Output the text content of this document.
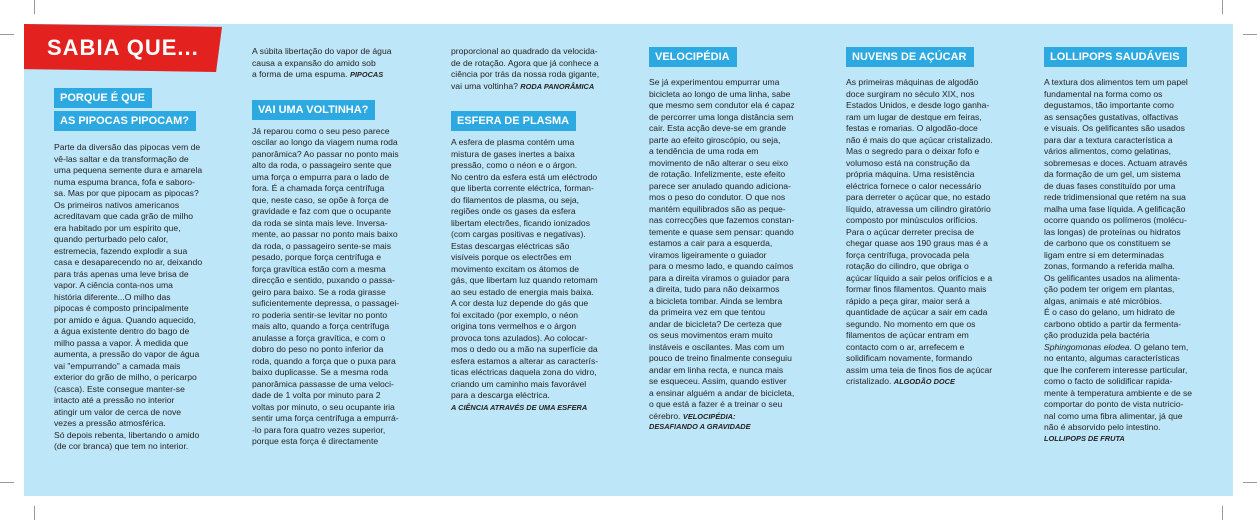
SABIA QUE...
PORQUE É QUE
AS PIPOCAS PIPOCAM?
Parte da diversão das pipocas vem de
vê-las saltar e da transformação de
uma pequena semente dura e amarela
numa espuma branca, fofa e saboro-
sa. Mas por que pipocam as pipocas?
Os primeiros nativos americanos
acreditavam que cada grão de milho
era habitado por um espírito que,
quando perturbado pelo calor,
estremecia, fazendo explodir a sua
casa e desaparecendo no ar, deixando
para trás apenas uma leve brisa de
vapor. A ciência conta-nos uma
história diferente...O milho das
pipocas é composto principalmente
por amido e água. Quando aquecido,
a água existente dentro do bago de
milho passa a vapor. À medida que
aumenta, a pressão do vapor de água
vai "empurrando" a camada mais
exterior do grão de milho, o pericarpo
(casca). Este consegue manter-se
intacto até a pressão no interior
atingir um valor de cerca de nove
vezes a pressão atmosférica.
Só depois rebenta, libertando o amido
(de cor branca) que tem no interior.
A súbita libertação do vapor de água
causa a expansão do amido sob
a forma de uma espuma. PIPOCAS
VAI UMA VOLTINHA?
Já reparou como o seu peso parece
oscilar ao longo da viagem numa roda
panorâmica? Ao passar no ponto mais
alto da roda, o passageiro sente que
uma força o empurra para o lado de
fora. É a chamada força centrífuga
que, neste caso, se opõe à força de
gravidade e faz com que o ocupante
da roda se sinta mais leve. Inversa-
mente, ao passar no ponto mais baixo
da roda, o passageiro sente-se mais
pesado, porque força centrífuga e
força gravítica estão com a mesma
direcção e sentido, puxando o passa-
geiro para baixo. Se a roda girasse
suficientemente depressa, o passagei-
ro poderia sentir-se levitar no ponto
mais alto, quando a força centrífuga
anulasse a força gravítica, e com o
dobro do peso no ponto inferior da
roda, quando a força que o puxa para
baixo duplicasse. Se a mesma roda
panorâmica passasse de uma veloci-
dade de 1 volta por minuto para 2
voltas por minuto, o seu ocupante iria
sentir uma força centrífuga a empurrá-
-lo para fora quatro vezes superior,
porque esta força é directamente
proporcional ao quadrado da velocida-
de de rotação. Agora que já conhece a
ciência por trás da nossa roda gigante,
vai uma voltinha? RODA PANORÂMICA
ESFERA DE PLASMA
A esfera de plasma contém uma
mistura de gases inertes a baixa
pressão, como o néon e o árgon.
No centro da esfera está um eléctrodo
que liberta corrente eléctrica, forman-
do filamentos de plasma, ou seja,
regiões onde os gases da esfera
libertam electrões, ficando ionizados
(com cargas positivas e negativas).
Estas descargas eléctricas são
visíveis porque os electrões em
movimento excitam os átomos de
gás, que libertam luz quando retomam
ao seu estado de energia mais baixa.
A cor desta luz depende do gás que
foi excitado (por exemplo, o néon
origina tons vermelhos e o árgon
provoca tons azulados). Ao colocar-
mos o dedo ou a mão na superfície da
esfera estamos a alterar as caracterís-
ticas eléctricas daquela zona do vidro,
criando um caminho mais favorável
para a descarga eléctrica.
A CIÊNCIA ATRAVÉS DE UMA ESFERA
VELOCIPÉDIA
Se já experimentou empurrar uma
bicicleta ao longo de uma linha, sabe
que mesmo sem condutor ela é capaz
de percorrer uma longa distância sem
cair. Esta acção deve-se em grande
parte ao efeito giroscópio, ou seja,
a tendência de uma roda em
movimento de não alterar o seu eixo
de rotação. Infelizmente, este efeito
parece ser anulado quando adiciona-
mos o peso do condutor. O que nos
mantém equilibrados são as peque-
nas correcções que fazemos constan-
temente e quase sem pensar: quando
estamos a cair para a esquerda,
viramos ligeiramente o guiador
para o mesmo lado, e quando caímos
para a direita viramos o guiador para
a direita, tudo para não deixarmos
a bicicleta tombar. Ainda se lembra
da primeira vez em que tentou
andar de bicicleta? De certeza que
os seus movimentos eram muito
instáveis e oscilantes. Mas com um
pouco de treino finalmente conseguiu
andar em linha recta, e nunca mais
se esqueceu. Assim, quando estiver
a ensinar alguém a andar de bicicleta,
o que está a fazer é a treinar o seu
cérebro. VELOCIPÉDIA:
DESAFIANDO A GRAVIDADE
NUVENS DE AÇÚCAR
As primeiras máquinas de algodão
doce surgiram no século XIX, nos
Estados Unidos, e desde logo ganha-
ram um lugar de destque em feiras,
festas e romarias. O algodão-doce
não é mais do que açúcar cristalizado.
Mas o segredo para o deixar fofo e
volumoso está na construção da
própria máquina. Uma resistência
eléctrica fornece o calor necessário
para derreter o açúcar que, no estado
líquido, atravessa um cilindro giratório
composto por minúsculos orifícios.
Para o açúcar derreter precisa de
chegar quase aos 190 graus mas é a
força centrífuga, provocada pela
rotação do cilindro, que obriga o
açúcar líquido a sair pelos orifícios e a
formar finos filamentos. Quanto mais
rápido a peça girar, maior será a
quantidade de açúcar a sair em cada
segundo. No momento em que os
filamentos de açúcar entram em
contacto com o ar, arrefecem e
solidificam novamente, formando
assim uma teia de finos fios de açúcar
cristalizado. ALGODÃO DOCE
LOLLIPOPS SAUDÁVEIS
A textura dos alimentos tem um papel
fundamental na forma como os
degustamos, tão importante como
as sensações gustativas, olfactivas
e visuais. Os gelificantes são usados
para dar a textura característica a
vários alimentos, como gelatinas,
sobremesas e doces. Actuam através
da formação de um gel, um sistema
de duas fases constituído por uma
rede tridimensional que retém na sua
malha uma fase líquida. A gelificação
ocorre quando os polímeros (molécu-
las longas) de proteínas ou hidratos
de carbono que os constituem se
ligam entre si em determinadas
zonas, formando a referida malha.
Os gelificantes usados na alimenta-
ção podem ter origem em plantas,
algas, animais e até micróbios.
É o caso do gelano, um hidrato de
carbono obtido a partir da fermenta-
ção produzida pela bactéria
Sphingomonas elodea. O gelano tem,
no entanto, algumas características
que lhe conferem interesse particular,
como o facto de solidificar rapida-
mente à temperatura ambiente e de se
comportar do ponto de vista nutricio-
nal como uma fibra alimentar, já que
não é absorvido pelo intestino.
LOLLIPOPS DE FRUTA
